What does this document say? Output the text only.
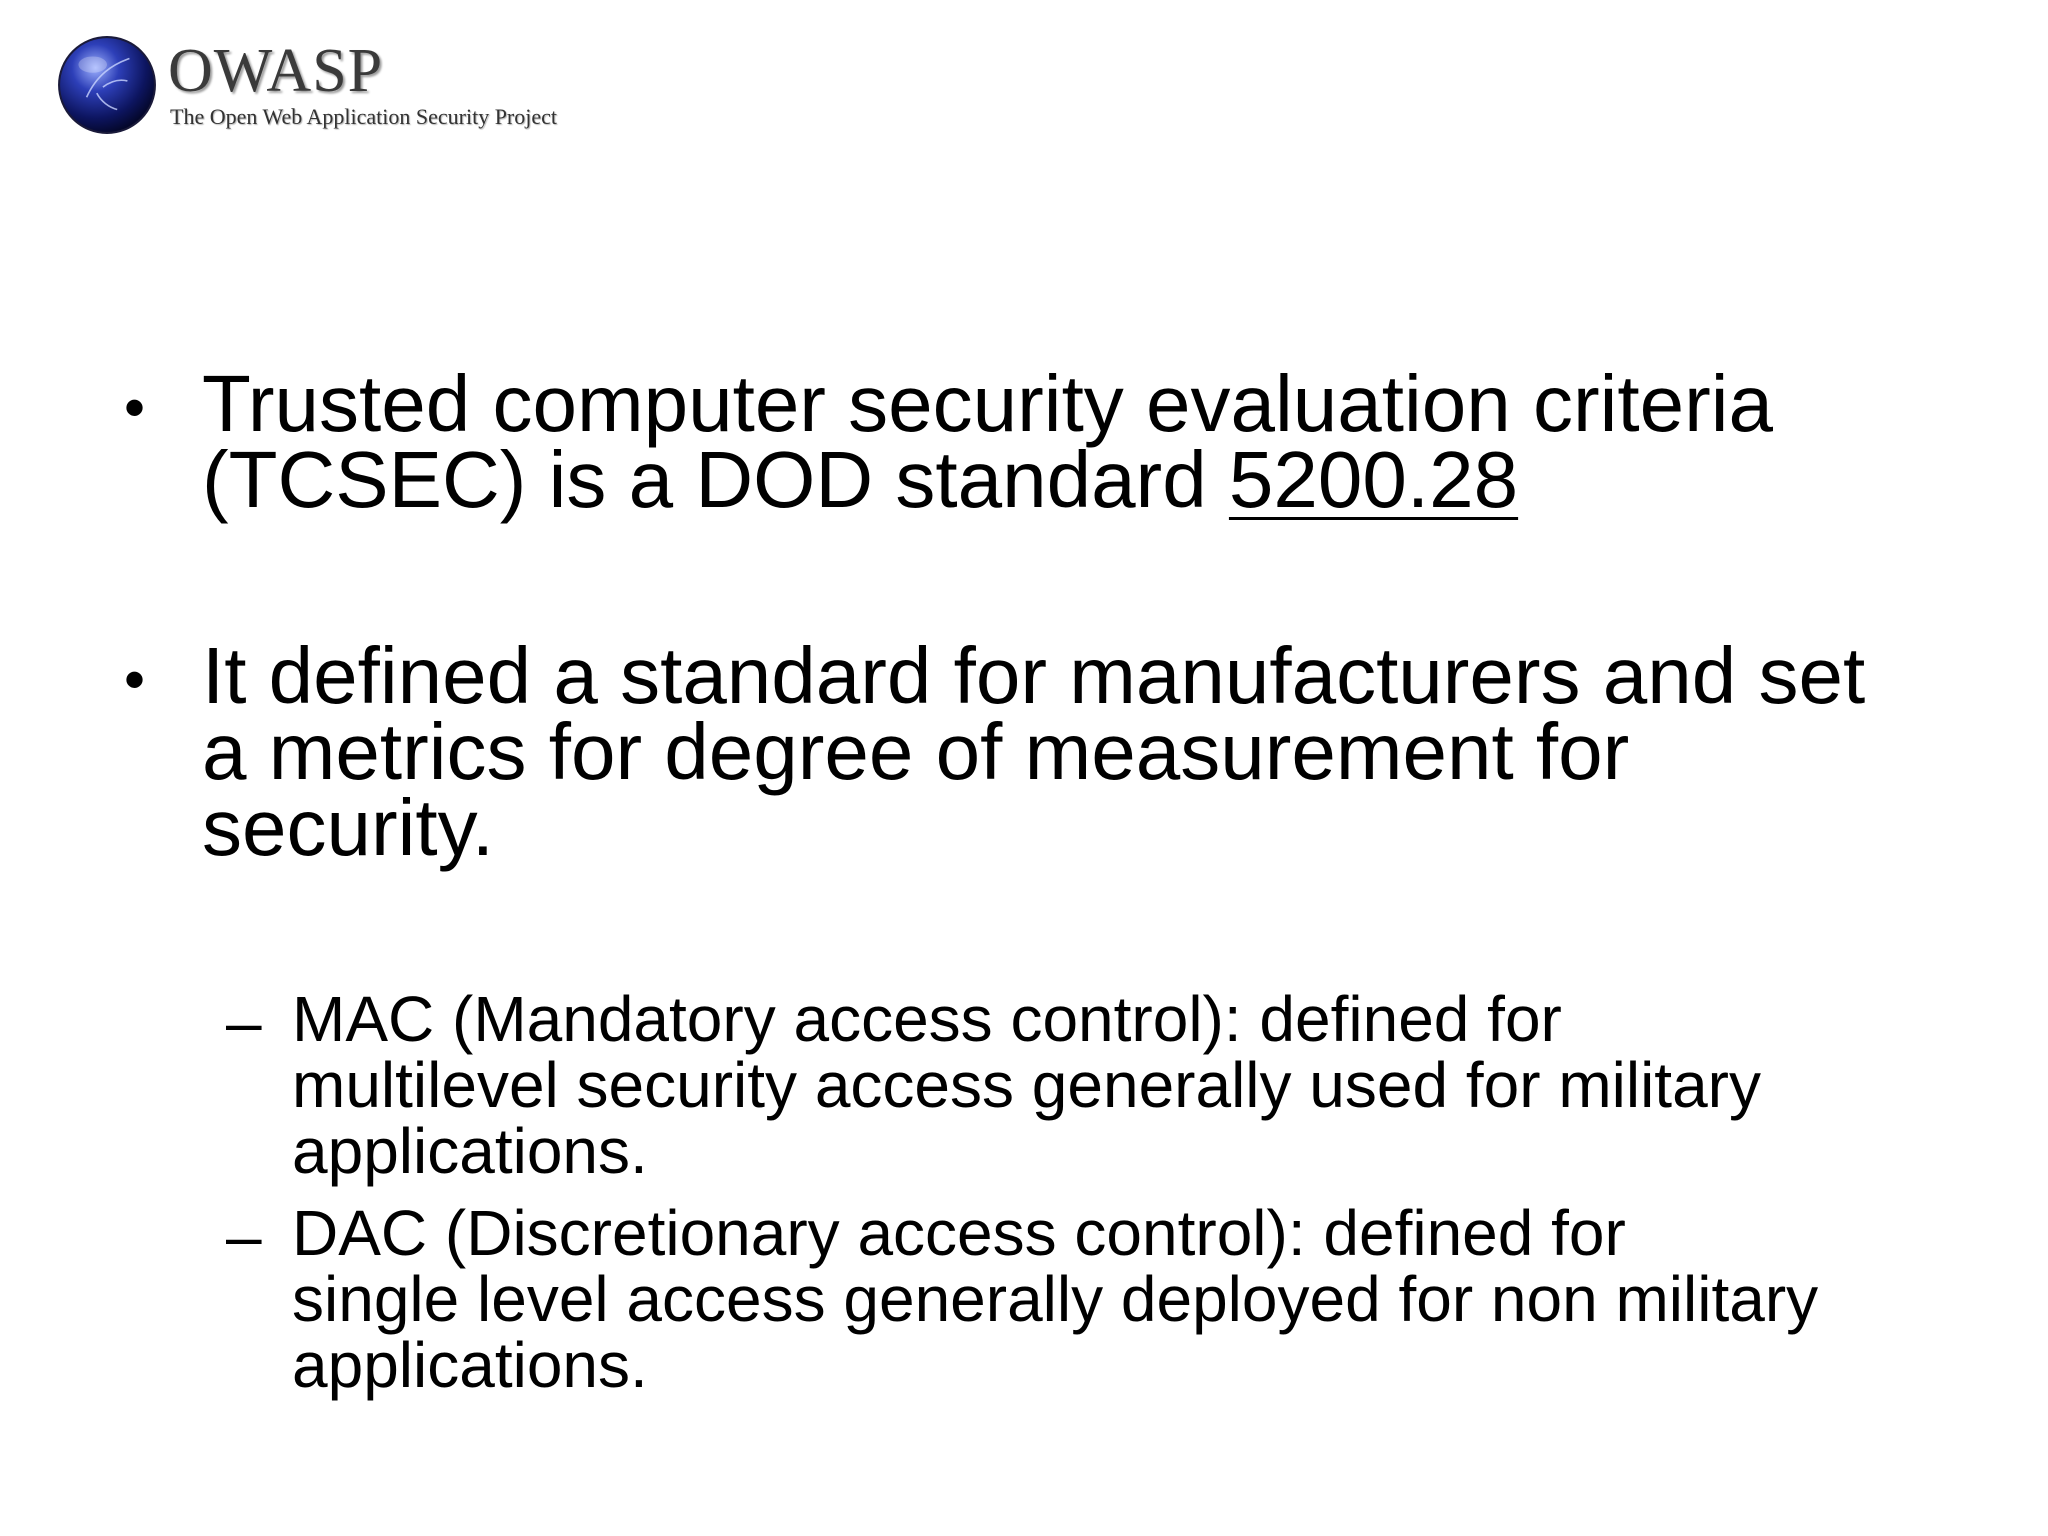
OWASP
The Open Web Application Security Project
• Trusted computer security evaluation criteria
(TCSEC) is a DOD standard 5200.28
• It defined a standard for manufacturers and set
a metrics for degree of measurement for
security.
– MAC (Mandatory access control): defined for
multilevel security access generally used for military
applications.
– DAC (Discretionary access control): defined for
single level access generally deployed for non military
applications.
